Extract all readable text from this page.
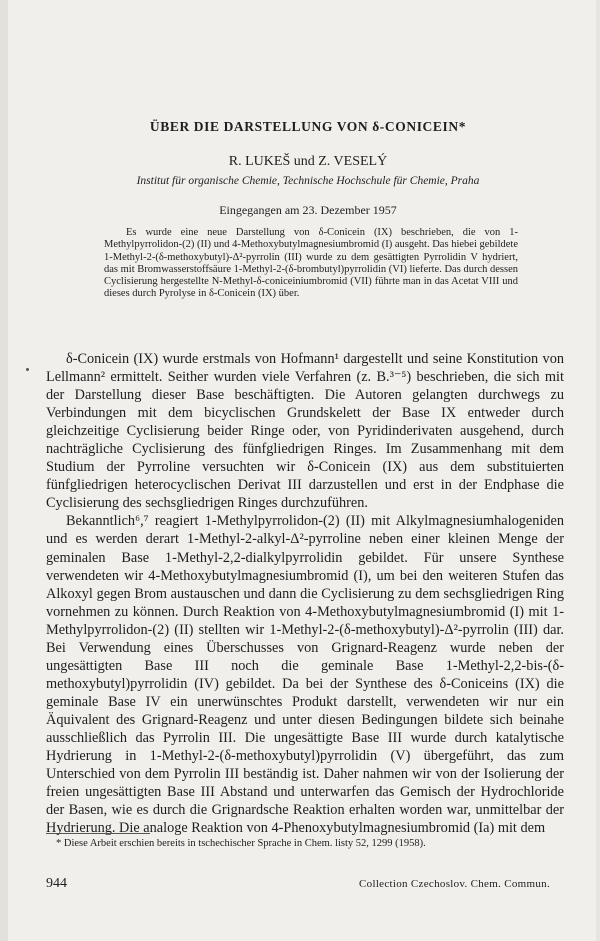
ÜBER DIE DARSTELLUNG VON δ-CONICEIN*
R. LUKEŠ und Z. VESELÝ
Institut für organische Chemie, Technische Hochschule für Chemie, Praha
Eingegangen am 23. Dezember 1957

Es wurde eine neue Darstellung von δ-Conicein (IX) beschrieben, die von 1-Methylpyrrolidon-(2) (II) und 4-Methoxybutylmagnesiumbromid (I) ausgeht. Das hiebei gebildete 1-Methyl-2-(δ-methoxybutyl)-Δ²-pyrrolin (III) wurde zu dem gesättigten Pyrrolidin V hydriert, das mit Bromwasserstoffsäure 1-Methyl-2-(δ-brombutyl)pyrrolidin (VI) lieferte. Das durch dessen Cyclisierung hergestellte N-Methyl-δ-coniceiniumbromid (VII) führte man in das Acetat VIII und dieses durch Pyrolyse in δ-Conicein (IX) über.

δ-Conicein (IX) wurde erstmals von Hofmann¹ dargestellt und seine Konstitution von Lellmann² ermittelt. Seither wurden viele Verfahren (z. B.³⁻⁵) beschrieben, die sich mit der Darstellung dieser Base beschäftigten. Die Autoren gelangten durchwegs zu Verbindungen mit dem bicyclischen Grundskelett der Base IX entweder durch gleichzeitige Cyclisierung beider Ringe oder, von Pyridinderivaten ausgehend, durch nachträgliche Cyclisierung des fünfgliedrigen Ringes. Im Zusammenhang mit dem Studium der Pyrroline versuchten wir δ-Conicein (IX) aus dem substituierten fünfgliedrigen heterocyclischen Derivat III darzustellen und erst in der Endphase die Cyclisierung des sechsgliedrigen Ringes durchzuführen.

Bekanntlich⁶,⁷ reagiert 1-Methylpyrrolidon-(2) (II) mit Alkylmagnesiumhalogeniden und es werden derart 1-Methyl-2-alkyl-Δ²-pyrroline neben einer kleinen Menge der geminalen Base 1-Methyl-2,2-dialkylpyrrolidin gebildet. Für unsere Synthese verwendeten wir 4-Methoxybutylmagnesiumbromid (I), um bei den weiteren Stufen das Alkoxyl gegen Brom austauschen und dann die Cyclisierung zu dem sechsgliedrigen Ring vornehmen zu können. Durch Reaktion von 4-Methoxybutylmagnesiumbromid (I) mit 1-Methylpyrrolidon-(2) (II) stellten wir 1-Methyl-2-(δ-methoxybutyl)-Δ²-pyrrolin (III) dar. Bei Verwendung eines Überschusses von Grignard-Reagenz wurde neben der ungesättigten Base III noch die geminale Base 1-Methyl-2,2-bis-(δ-methoxybutyl)pyrrolidin (IV) gebildet. Da bei der Synthese des δ-Coniceins (IX) die geminale Base IV ein unerwünschtes Produkt darstellt, verwendeten wir nur ein Äquivalent des Grignard-Reagenz und unter diesen Bedingungen bildete sich beinahe ausschließlich das Pyrrolin III. Die ungesättigte Base III wurde durch katalytische Hydrierung in 1-Methyl-2-(δ-methoxybutyl)pyrrolidin (V) übergeführt, das zum Unterschied von dem Pyrrolin III beständig ist. Daher nahmen wir von der Isolierung der freien ungesättigten Base III Abstand und unterwarfen das Gemisch der Hydrochloride der Basen, wie es durch die Grignardsche Reaktion erhalten worden war, unmittelbar der Hydrierung. Die analoge Reaktion von 4-Phenoxybutylmagnesiumbromid (Ia) mit dem

* Diese Arbeit erschien bereits in tschechischer Sprache in Chem. listy 52, 1299 (1958).
944	Collection Czechoslov. Chem. Commun.
